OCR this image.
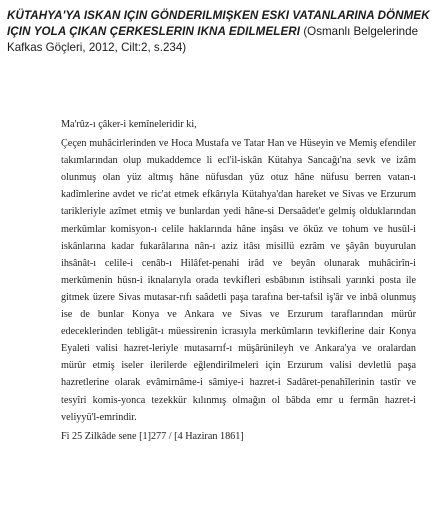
KÜTAHYA'YA ISKAN IÇIN GÖNDERILMIŞKEN ESKI VATANLARINA DÖNMEK IÇIN YOLA ÇIKAN ÇERKESLERIN IKNA EDILMELERI (Osmanlı Belgelerinde Kafkas Göçleri, 2012, Cilt:2, s.234)

Ma'rûz-ı çâker-i kemîneleridir ki,

Çeçen muhâcirlerinden ve Hoca Mustafa ve Tatar Han ve Hüseyin ve Memiş efendiler takımlarından olup mukaddemce li ecl'il-iskân Kütahya Sancağı'na sevk ve izâm olunmuş olan yüz altmış hâne nüfusdan yüz otuz hâne nüfusu berren vatan-ı kadîmlerine avdet ve ric'at etmek efkârıyla Kütahya'dan hareket ve Sivas ve Erzurum tarikleriyle azîmet etmiş ve bunlardan yedi hâne-si Dersaâdet'e gelmiş olduklarından merkûmlar komisyon-ı celile haklarında hâne inşâsı ve öküz ve tohum ve husûl-i iskânlarına kadar fukarâlarına nân-ı aziz itâsı misillü ezrâm ve şâyân buyurulan ihsânât-ı celile-i cenâb-ı Hilâfet-penahi irâd ve beyân olunarak muhâcirîn-i merkûmenin hüsn-i iknalarıyla orada tevkifleri esbâbının istihsali yarınki posta ile gitmek üzere Sivas mutasar-rıfı saâdetli paşa tarafına ber-tafsil iş'âr ve inbâ olunmuş ise de bunlar Konya ve Ankara ve Sivas ve Erzurum taraflarından mürûr edeceklerinden tebligât-ı müessirenin icrasıyla merkûmların tevkiflerine dair Konya Eyaleti valisi hazret-leriyle mutasarrıf-ı müşârünileyh ve Ankara'ya ve oralardan mürûr etmiş iseler ilerilerde eğlendirilmeleri için Erzurum valisi devletlü paşa hazretlerine olarak evâmirnâme-i sâmiye-i hazret-i Sadâret-penahîlerinin tastîr ve tesyîri komis-yonca tezekkür kılınmış olmağın ol bâbda emr u fermân hazret-i veliyyü'l-emrindir.

Fi 25 Zilkâde sene [1]277 / [4 Haziran 1861]
